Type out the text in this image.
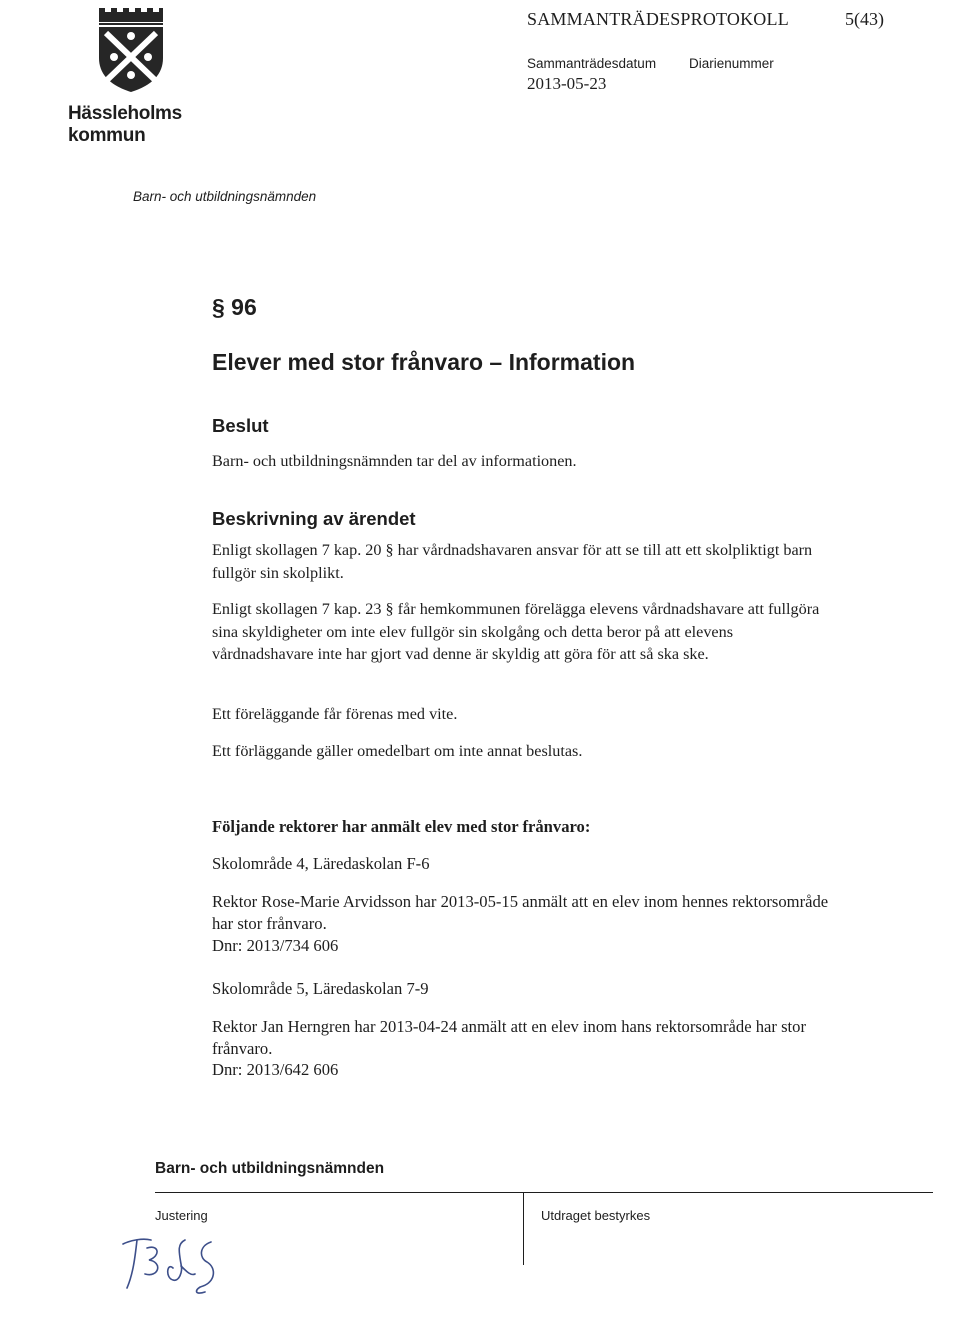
Hässleholms
kommun
SAMMANTRÄDESPROTOKOLL	5(43)
Sammanträdesdatum
2013-05-23
Diarienummer
Barn- och utbildningsnämnden
§ 96
Elever med stor frånvaro – Information
Beslut
Barn- och utbildningsnämnden tar del av informationen.
Beskrivning av ärendet
Enligt skollagen 7 kap. 20 § har vårdnadshavaren ansvar för att se till att ett skolpliktigt barn fullgör sin skolplikt.
Enligt skollagen 7 kap. 23 § får hemkommunen förelägga elevens vårdnadshavare att fullgöra sina skyldigheter om inte elev fullgör sin skolgång och detta beror på att elevens vårdnadshavare inte har gjort vad denne är skyldig att göra för att så ska ske.
Ett föreläggande får förenas med vite.
Ett förläggande gäller omedelbart om inte annat beslutas.
Följande rektorer har anmält elev med stor frånvaro:
Skolområde 4, Läredaskolan F-6
Rektor Rose-Marie Arvidsson har 2013-05-15 anmält att en elev inom hennes rektorsområde har stor frånvaro.
Dnr: 2013/734 606
Skolområde 5, Läredaskolan 7-9
Rektor Jan Herngren har 2013-04-24 anmält att en elev inom hans rektorsområde har stor frånvaro.
Dnr: 2013/642 606
Barn- och utbildningsnämnden
Justering	Utdraget bestyrkes
